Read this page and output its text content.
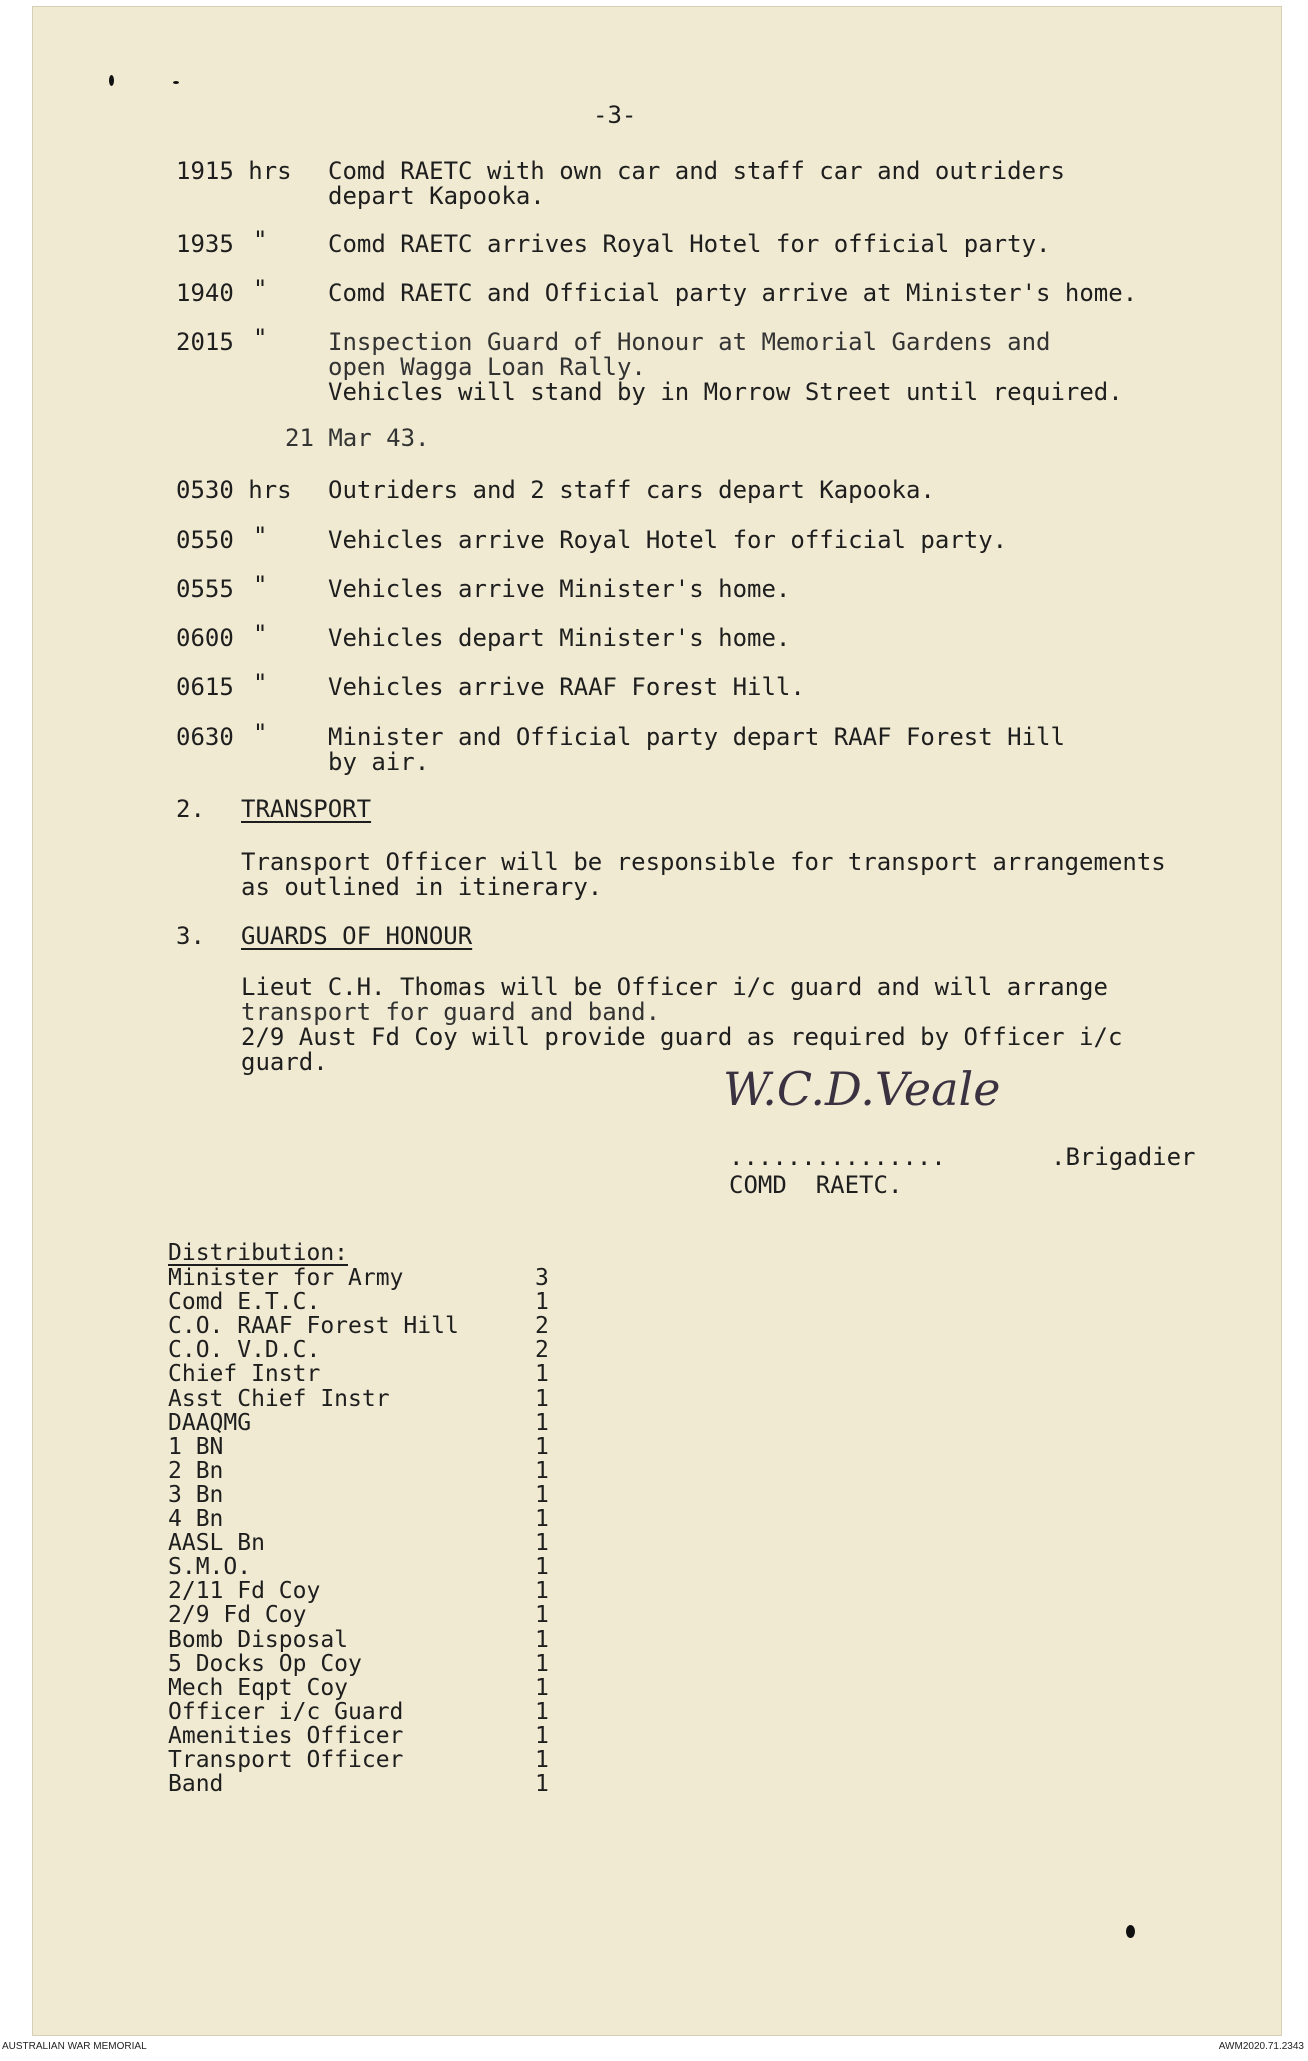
-3-
1915 hrs Comd RAETC with own car and staff car and outriders
depart Kapooka.
1935 "	Comd RAETC arrives Royal Hotel for official party.
1940 "	Comd RAETC and Official party arrive at Minister's home.
2015 "	Inspection Guard of Honour at Memorial Gardens and
open Wagga Loan Rally.
Vehicles will stand by in Morrow Street until required.
21 Mar 43.
0530 hrs Outriders and 2 staff cars depart Kapooka.
0550 "	Vehicles arrive Royal Hotel for official party.
0555 "	Vehicles arrive Minister's home.
0600 "	Vehicles depart Minister's home.
0615 "	Vehicles arrive RAAF Forest Hill.
0630 "	Minister and Official party depart RAAF Forest Hill
by air.
2. TRANSPORT
Transport Officer will be responsible for transport arrangements
as outlined in itinerary.
3. GUARDS OF HONOUR
Lieut C.H. Thomas will be Officer i/c guard and will arrange
transport for guard and band.
2/9 Aust Fd Coy will provide guard as required by Officer i/c
guard.	W.C.D.Veale
...............	.Brigadier
COMD  RAETC.
Distribution:
Minister for Army	3
Comd E.T.C.	1
C.O. RAAF Forest Hill	2
C.O. V.D.C.	2
Chief Instr	1
Asst Chief Instr	1
DAAQMG	1
1 BN	1
2 Bn	1
3 Bn	1
4 Bn	1
AASL Bn	1
S.M.O.	1
2/11 Fd Coy	1
2/9 Fd Coy	1
Bomb Disposal	1
5 Docks Op Coy	1
Mech Eqpt Coy	1
Officer i/c Guard	1
Amenities Officer	1
Transport Officer	1
Band	1
AUSTRALIAN WAR MEMORIAL	AWM2020.71.2343
